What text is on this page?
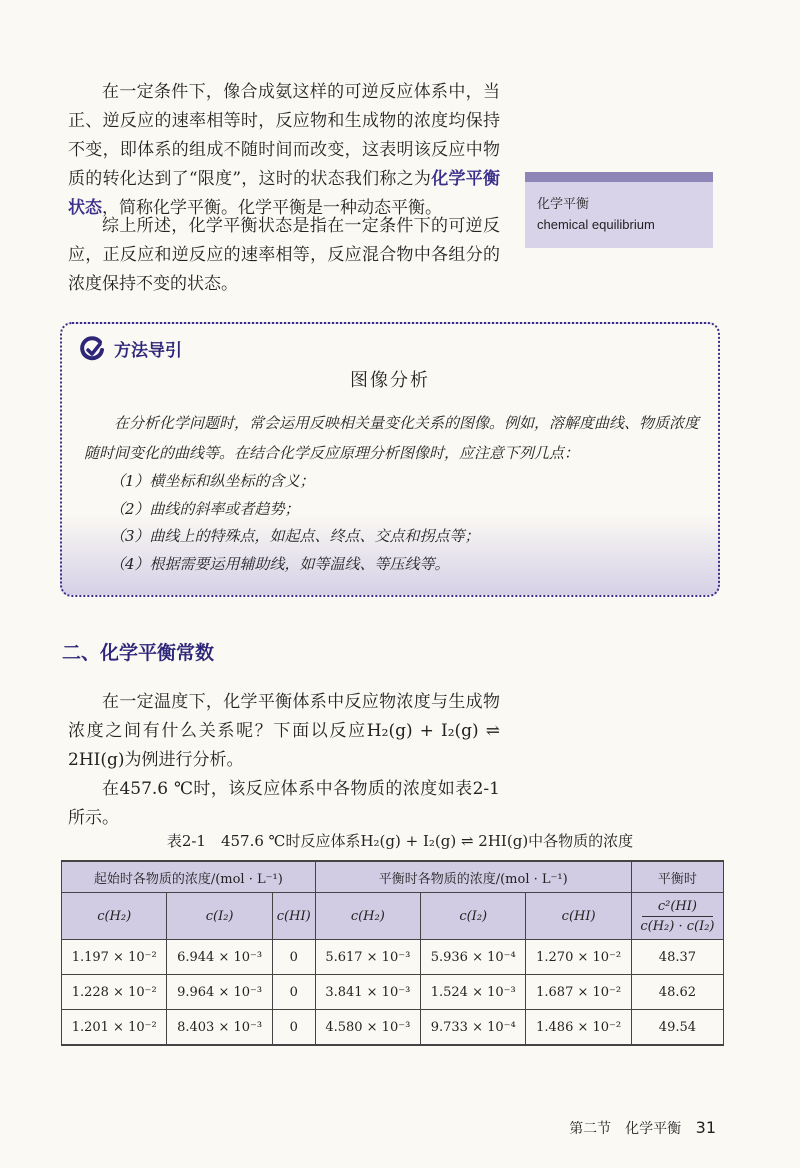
在一定条件下，像合成氨这样的可逆反应体系中，当正、逆反应的速率相等时，反应物和生成物的浓度均保持不变，即体系的组成不随时间而改变，这表明该反应中物质的转化达到了“限度”，这时的状态我们称之为化学平衡状态，简称化学平衡。化学平衡是一种动态平衡。

综上所述，化学平衡状态是指在一定条件下的可逆反应，正反应和逆反应的速率相等，反应混合物中各组分的浓度保持不变的状态。

化学平衡
chemical equilibrium
方法导引
图像分析

在分析化学问题时，常会运用反映相关量变化关系的图像。例如，溶解度曲线、物质浓度随时间变化的曲线等。在结合化学反应原理分析图像时，应注意下列几点：

（1）横坐标和纵坐标的含义；
（2）曲线的斜率或者趋势；
（3）曲线上的特殊点，如起点、终点、交点和拐点等；
（4）根据需要运用辅助线，如等温线、等压线等。
二、化学平衡常数

在一定温度下，化学平衡体系中反应物浓度与生成物浓度之间有什么关系呢？下面以反应H₂(g) + I₂(g) ⇌ 2HI(g)为例进行分析。

在457.6 ℃时，该反应体系中各物质的浓度如表2-1所示。

表2-1　457.6 ℃时反应体系H₂(g) + I₂(g) ⇌ 2HI(g)中各物质的浓度
起始时各物质的浓度/(mol · L⁻¹)			平衡时各物质的浓度/(mol · L⁻¹)			平衡时
c(H₂)	c(I₂)	c(HI)	c(H₂)	c(I₂)	c(HI)	c²(HI)
c(H₂) · c(I₂)

1.197 × 10⁻²	6.944 × 10⁻³	0	5.617 × 10⁻³	5.936 × 10⁻⁴	1.270 × 10⁻²	48.37
1.228 × 10⁻²	9.964 × 10⁻³	0	3.841 × 10⁻³	1.524 × 10⁻³	1.687 × 10⁻²	48.62
1.201 × 10⁻²	8.403 × 10⁻³	0	4.580 × 10⁻³	9.733 × 10⁻⁴	1.486 × 10⁻²	49.54
第二节　化学平衡 31
